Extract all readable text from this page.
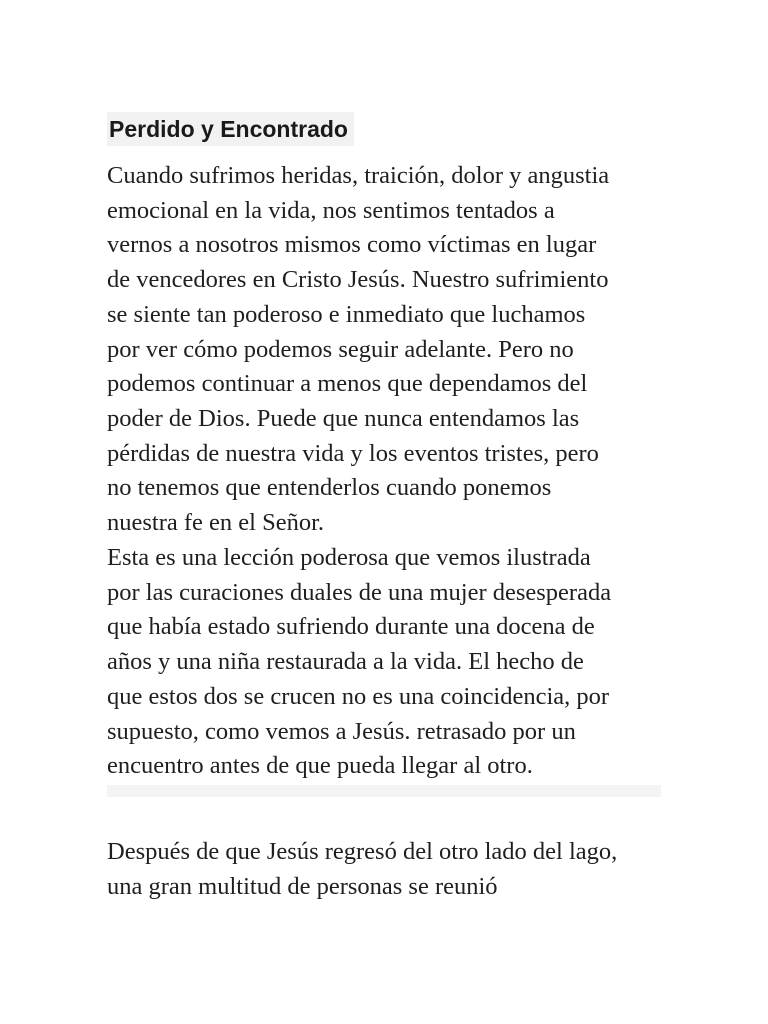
Perdido y Encontrado

Cuando sufrimos heridas, traición, dolor y angustia
emocional en la vida, nos sentimos tentados a
vernos a nosotros mismos como víctimas en lugar
de vencedores en Cristo Jesús. Nuestro sufrimiento
se siente tan poderoso e inmediato que luchamos
por ver cómo podemos seguir adelante. Pero no
podemos continuar a menos que dependamos del
poder de Dios. Puede que nunca entendamos las
pérdidas de nuestra vida y los eventos tristes, pero
no tenemos que entenderlos cuando ponemos
nuestra fe en el Señor.

Esta es una lección poderosa que vemos ilustrada
por las curaciones duales de una mujer desesperada
que había estado sufriendo durante una docena de
años y una niña restaurada a la vida. El hecho de
que estos dos se crucen no es una coincidencia, por
supuesto, como vemos a Jesús. retrasado por un
encuentro antes de que pueda llegar al otro.

Después de que Jesús regresó del otro lado del lago,
una gran multitud de personas se reunió
